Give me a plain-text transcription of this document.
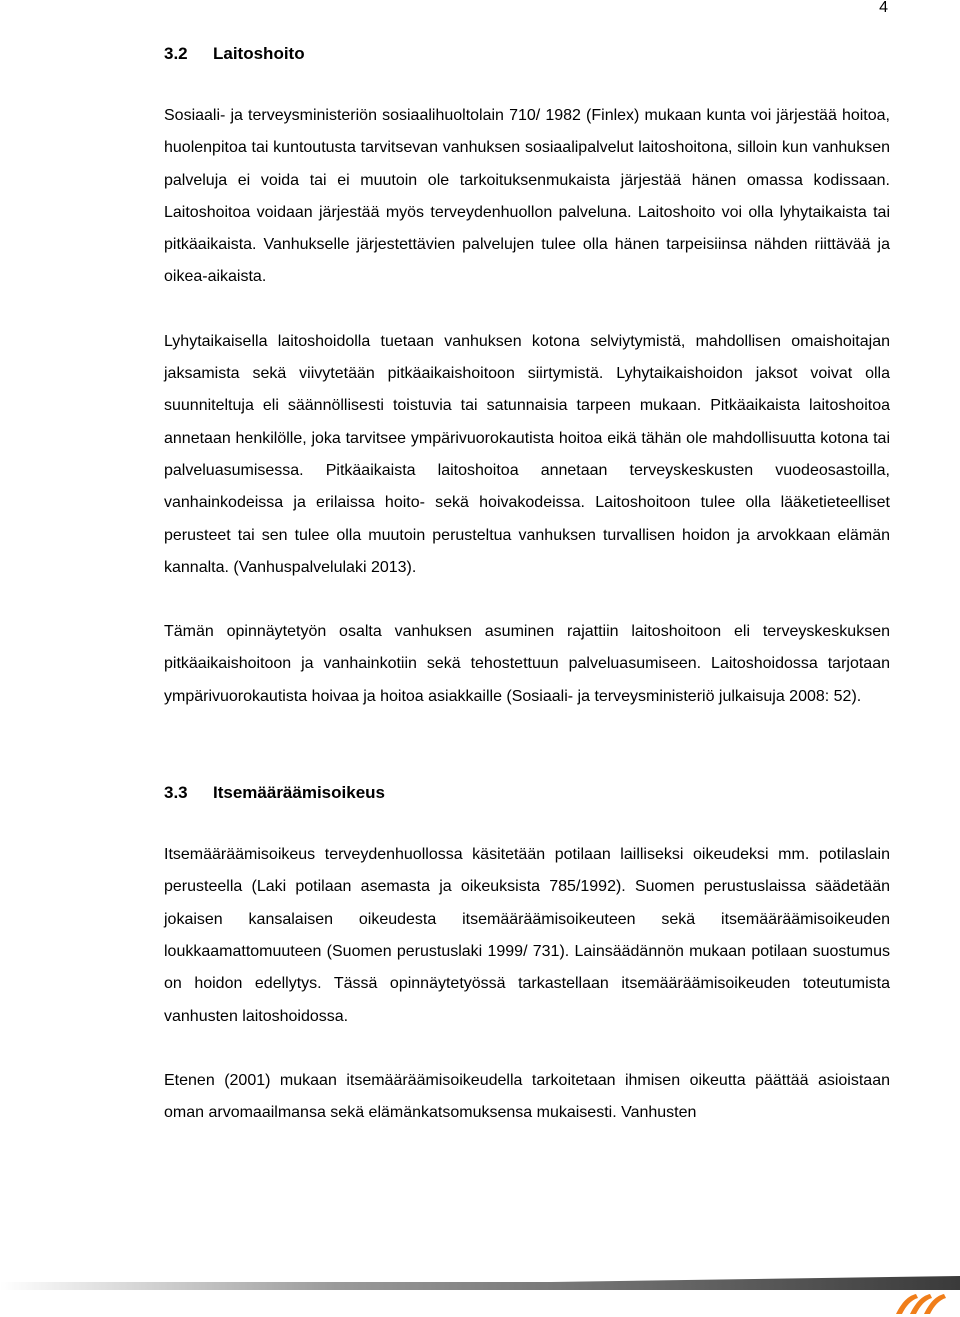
4
3.2	Laitoshoito

Sosiaali- ja terveysministeriön sosiaalihuoltolain 710/ 1982 (Finlex) mukaan kunta voi järjestää hoitoa, huolenpitoa tai kuntoutusta tarvitsevan vanhuksen sosiaalipalvelut laitoshoitona, silloin kun vanhuksen palveluja ei voida tai ei muutoin ole tarkoituksenmukaista järjestää hänen omassa kodissaan. Laitoshoitoa voidaan järjestää myös terveydenhuollon palveluna. Laitoshoito voi olla lyhytaikaista tai pitkäaikaista. Vanhukselle järjestettävien palvelujen tulee olla hänen tarpeisiinsa nähden riittävää ja oikea-aikaista.

Lyhytaikaisella laitoshoidolla tuetaan vanhuksen kotona selviytymistä, mahdollisen omaishoitajan jaksamista sekä viivytetään pitkäaikaishoitoon siirtymistä. Lyhytaikaishoidon jaksot voivat olla suunniteltuja eli säännöllisesti toistuvia tai satunnaisia tarpeen mukaan. Pitkäaikaista laitoshoitoa annetaan henkilölle, joka tarvitsee ympärivuorokautista hoitoa eikä tähän ole mahdollisuutta kotona tai palveluasumisessa. Pitkäaikaista laitoshoitoa annetaan terveyskeskusten vuodeosastoilla, vanhainkodeissa ja erilaissa hoito- sekä hoivakodeissa. Laitoshoitoon tulee olla lääketieteelliset perusteet tai sen tulee olla muutoin perusteltua vanhuksen turvallisen hoidon ja arvokkaan elämän kannalta. (Vanhuspalvelulaki 2013).

Tämän opinnäytetyön osalta vanhuksen asuminen rajattiin laitoshoitoon eli terveyskeskuksen pitkäaikaishoitoon ja vanhainkotiin sekä tehostettuun palveluasumiseen. Laitoshoidossa tarjotaan ympärivuorokautista hoivaa ja hoitoa asiakkaille (Sosiaali- ja terveysministeriö julkaisuja 2008: 52).

3.3	Itsemääräämisoikeus

Itsemääräämisoikeus terveydenhuollossa käsitetään potilaan lailliseksi oikeudeksi mm. potilaslain perusteella (Laki potilaan asemasta ja oikeuksista 785/1992). Suomen perustuslaissa säädetään jokaisen kansalaisen oikeudesta itsemääräämisoikeuteen sekä itsemääräämisoikeuden loukkaamattomuuteen (Suomen perustuslaki 1999/ 731). Lainsäädännön mukaan potilaan suostumus on hoidon edellytys. Tässä opinnäytetyössä tarkastellaan itsemääräämisoikeuden toteutumista vanhusten laitoshoidossa.

Etenen (2001) mukaan itsemääräämisoikeudella tarkoitetaan ihmisen oikeutta päättää asioistaan oman arvomaailmansa sekä elämänkatsomuksensa mukaisesti. Vanhusten
